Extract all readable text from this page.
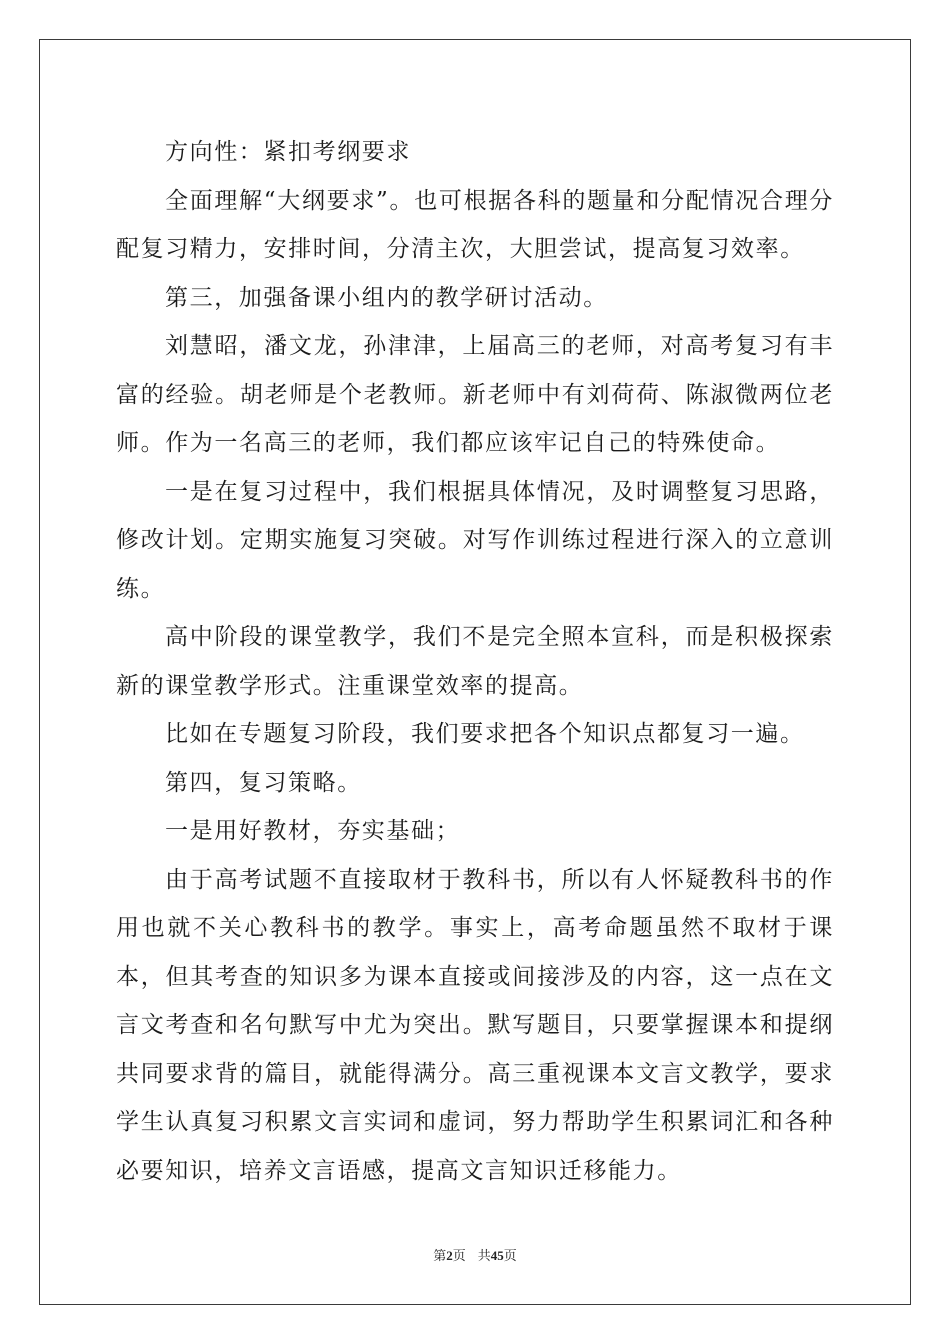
方向性：紧扣考纲要求

全面理解“大纲要求”。也可根据各科的题量和分配情况合理分配复习精力，安排时间，分清主次，大胆尝试，提高复习效率。

第三，加强备课小组内的教学研讨活动。

刘慧昭，潘文龙，孙津津，上届高三的老师，对高考复习有丰富的经验。胡老师是个老教师。新老师中有刘荷荷、陈淑微两位老师。作为一名高三的老师，我们都应该牢记自己的特殊使命。

一是在复习过程中，我们根据具体情况，及时调整复习思路，修改计划。定期实施复习突破。对写作训练过程进行深入的立意训练。

高中阶段的课堂教学，我们不是完全照本宣科，而是积极探索新的课堂教学形式。注重课堂效率的提高。

比如在专题复习阶段，我们要求把各个知识点都复习一遍。

第四，复习策略。

一是用好教材，夯实基础；

由于高考试题不直接取材于教科书，所以有人怀疑教科书的作用也就不关心教科书的教学。事实上，高考命题虽然不取材于课本，但其考查的知识多为课本直接或间接涉及的内容，这一点在文言文考查和名句默写中尤为突出。默写题目，只要掌握课本和提纲共同要求背的篇目，就能得满分。高三重视课本文言文教学，要求学生认真复习积累文言实词和虚词，努力帮助学生积累词汇和各种必要知识，培养文言语感，提高文言知识迁移能力。

第2页 共45页
